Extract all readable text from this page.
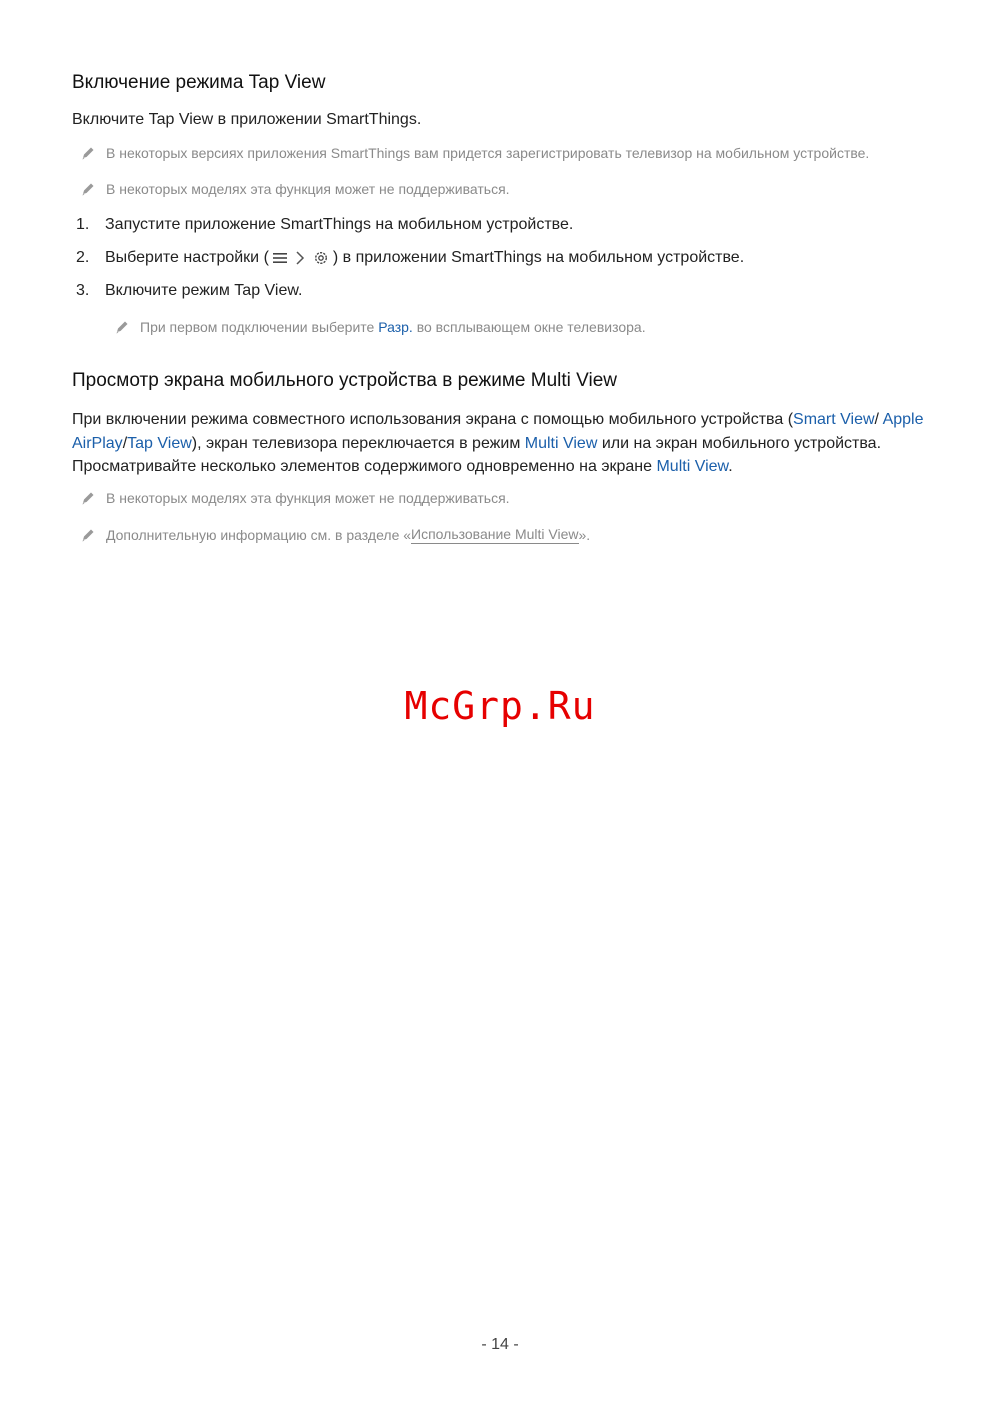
Включение режима Tap View

Включите Tap View в приложении SmartThings.

В некоторых версиях приложения SmartThings вам придется зарегистрировать телевизор на мобильном устройстве.
В некоторых моделях эта функция может не поддерживаться.
1. Запустите приложение SmartThings на мобильном устройстве.
2. Выберите настройки (	) в приложении SmartThings на мобильном устройстве.
3. Включите режим Tap View.
При первом подключении выберите
Разр.
во всплывающем окне телевизора.
Просмотр экрана мобильного устройства в режиме Multi View

При включении режима совместного использования экрана с помощью мобильного устройства (Smart View/ Apple AirPlay/Tap View), экран телевизора переключается в режим Multi View или на экран мобильного устройства. Просматривайте несколько элементов содержимого одновременно на экране Multi View.

В некоторых моделях эта функция может не поддерживаться.
Дополнительную информацию см. в разделе « Использование Multi View ».
McGrp.Ru
- 14 -
